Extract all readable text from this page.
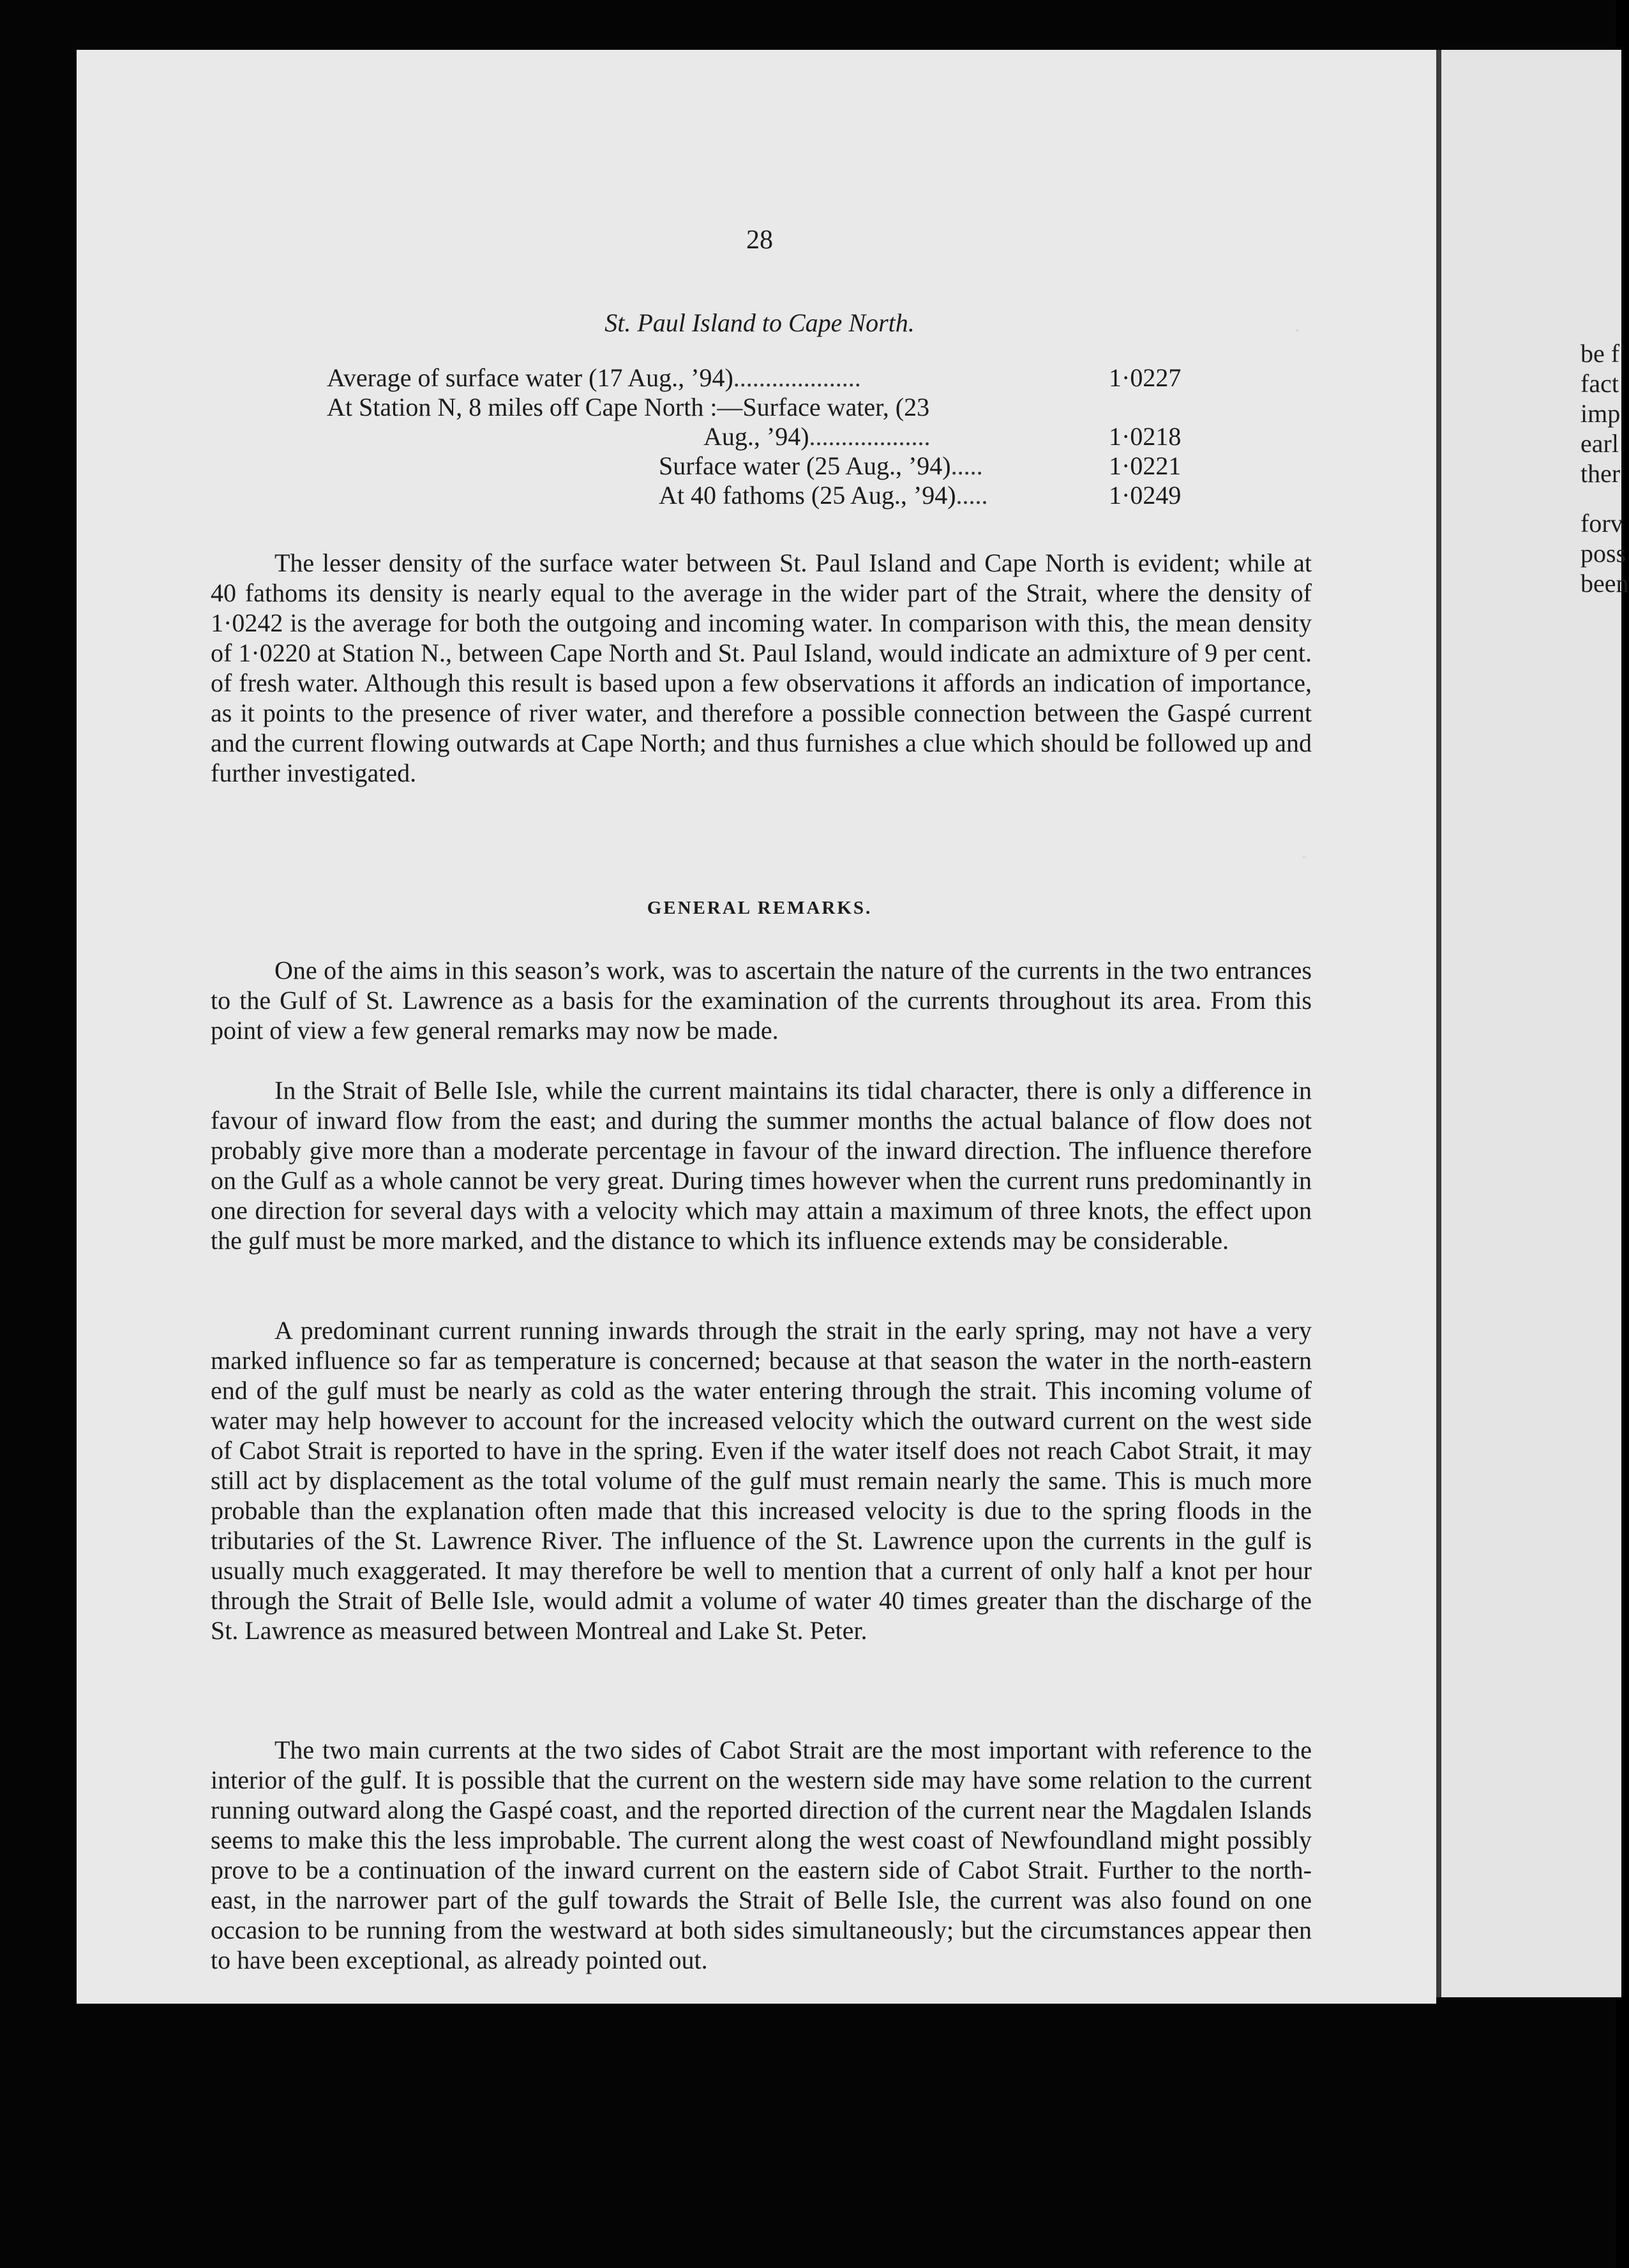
be f
fact
imp
earl
ther
forv
poss
been
28
St. Paul Island to Cape North.
Average of surface water (17 Aug., ’94)....................	1·0227
At Station N, 8 miles off Cape North :—Surface water, (23
Aug., ’94)...................	1·0218
Surface water (25 Aug., ’94).....	1·0221
At 40 fathoms (25 Aug., ’94).....	1·0249

The lesser density of the surface water between St. Paul Island and Cape North is evident; while at 40 fathoms its density is nearly equal to the average in the wider part of the Strait, where the density of 1·0242 is the average for both the outgoing and incoming water. In comparison with this, the mean density of 1·0220 at Station N., between Cape North and St. Paul Island, would indicate an admixture of 9 per cent. of fresh water. Although this result is based upon a few observations it affords an indication of importance, as it points to the presence of river water, and therefore a possible connection between the Gaspé current and the current flowing outwards at Cape North; and thus furnishes a clue which should be followed up and further investigated.

GENERAL REMARKS.

One of the aims in this season’s work, was to ascertain the nature of the currents in the two entrances to the Gulf of St. Lawrence as a basis for the examination of the currents throughout its area. From this point of view a few general remarks may now be made.

In the Strait of Belle Isle, while the current maintains its tidal character, there is only a difference in favour of inward flow from the east; and during the summer months the actual balance of flow does not probably give more than a moderate percentage in favour of the inward direction. The influence therefore on the Gulf as a whole cannot be very great. During times however when the current runs predominantly in one direction for several days with a velocity which may attain a maximum of three knots, the effect upon the gulf must be more marked, and the distance to which its influence extends may be considerable.

A predominant current running inwards through the strait in the early spring, may not have a very marked influence so far as temperature is concerned; because at that season the water in the north-eastern end of the gulf must be nearly as cold as the water entering through the strait. This incoming volume of water may help however to account for the increased velocity which the outward current on the west side of Cabot Strait is reported to have in the spring. Even if the water itself does not reach Cabot Strait, it may still act by displacement as the total volume of the gulf must remain nearly the same. This is much more probable than the explanation often made that this increased velocity is due to the spring floods in the tributaries of the St. Lawrence River. The influence of the St. Lawrence upon the currents in the gulf is usually much exaggerated. It may therefore be well to mention that a current of only half a knot per hour through the Strait of Belle Isle, would admit a volume of water 40 times greater than the discharge of the St. Lawrence as measured between Montreal and Lake St. Peter.

The two main currents at the two sides of Cabot Strait are the most important with reference to the interior of the gulf. It is possible that the current on the western side may have some relation to the current running outward along the Gaspé coast, and the reported direction of the current near the Magdalen Islands seems to make this the less improbable. The current along the west coast of Newfoundland might possibly prove to be a continuation of the inward current on the eastern side of Cabot Strait. Further to the north-east, in the narrower part of the gulf towards the Strait of Belle Isle, the current was also found on one occasion to be running from the westward at both sides simultaneously; but the circumstances appear then to have been exceptional, as already pointed out.
